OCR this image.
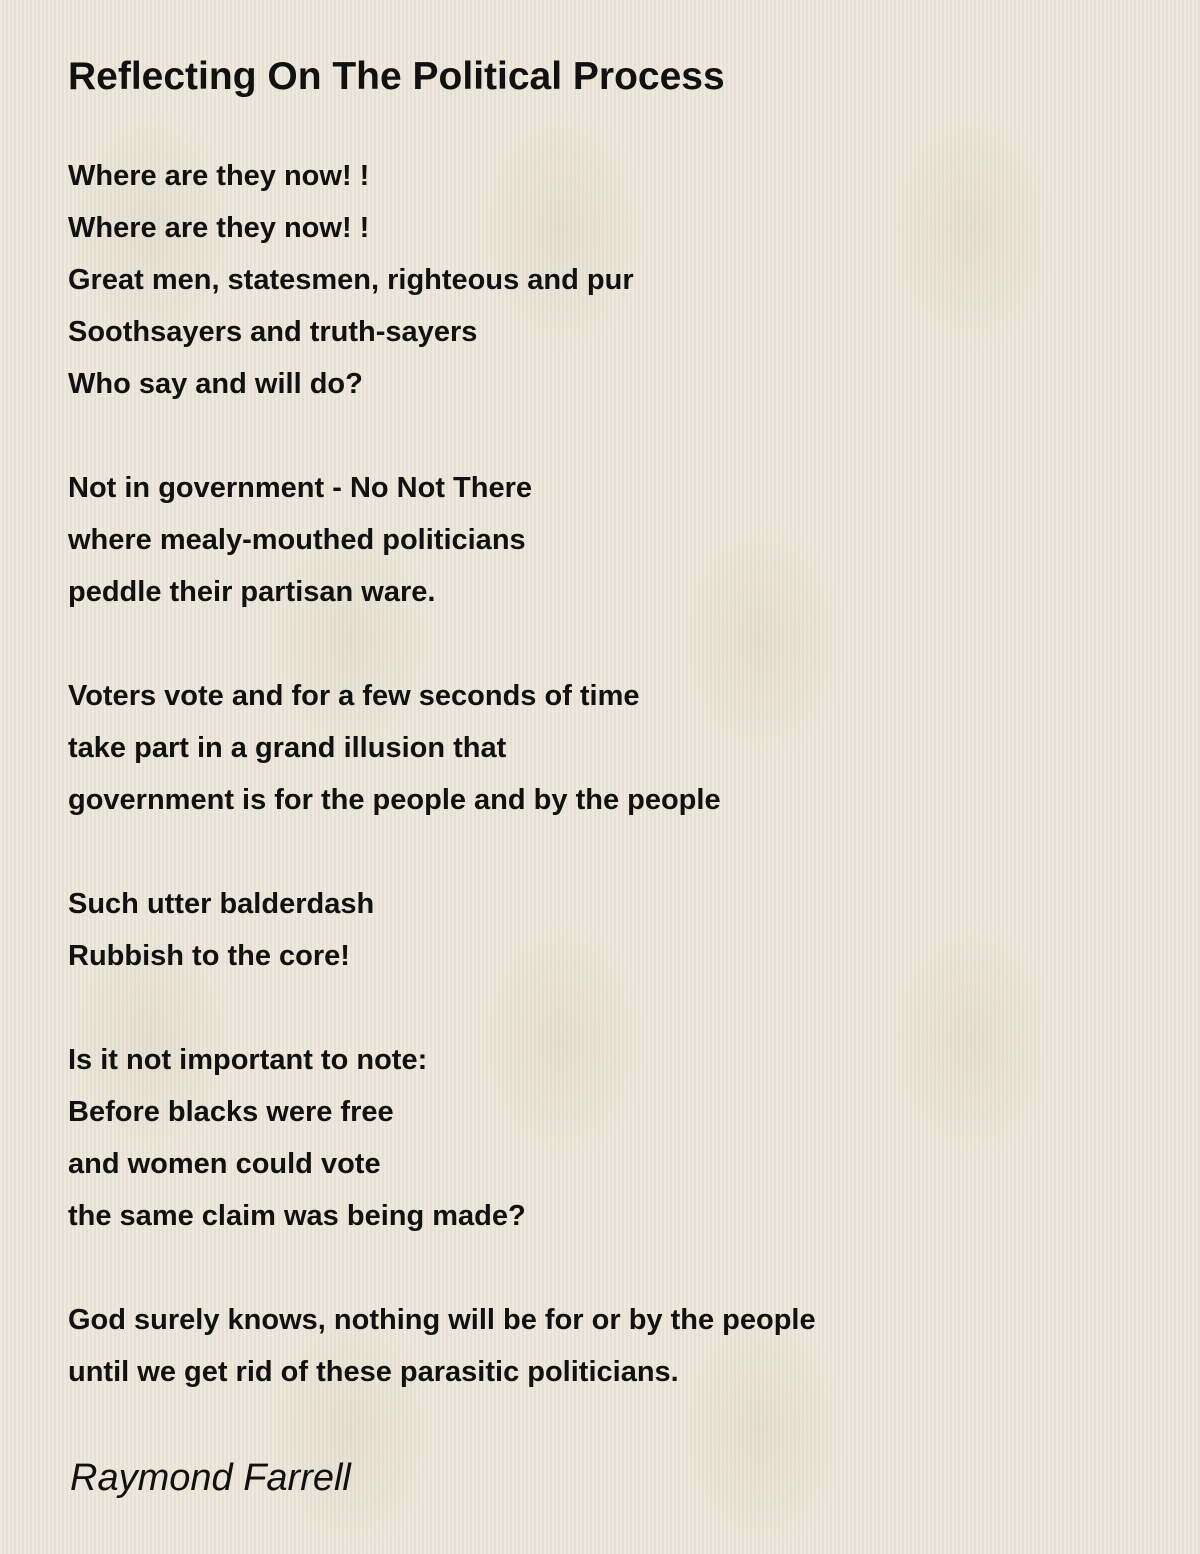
Reflecting On The Political Process
Where are they now! !
Where are they now! !
Great men, statesmen, righteous and pur
Soothsayers and truth-sayers
Who say and will do?
Not in government - No Not There
where mealy-mouthed politicians
peddle their partisan ware.
Voters vote and for a few seconds of time
take part in a grand illusion that
government is for the people and by the people
Such utter balderdash
Rubbish to the core!
Is it not important to note:
Before blacks were free
and women could vote
the same claim was being made?
God surely knows, nothing will be for or by the people
until we get rid of these parasitic politicians.
Raymond Farrell
